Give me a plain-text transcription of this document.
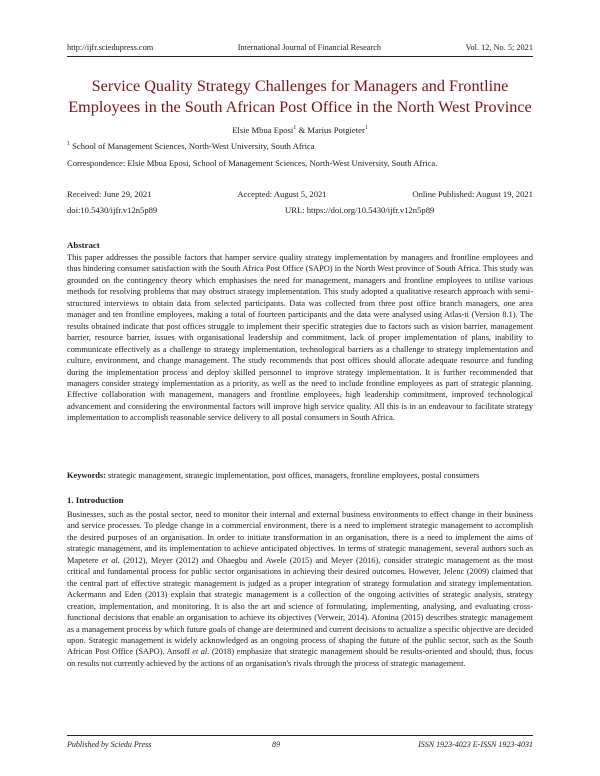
http://ijfr.sciedupress.com	International Journal of Financial Research	Vol. 12, No. 5; 2021
Service Quality Strategy Challenges for Managers and Frontline Employees in the South African Post Office in the North West Province
Elsie Mbua Eposi$^1$ & Marius Potgieter$^1$
$^1$ School of Management Sciences, North-West University, South Africa
Correspondence: Elsie Mbua Eposi, School of Management Sciences, North-West University, South Africa.
Received: June 29, 2021	Accepted: August 5, 2021	Online Published: August 19, 2021
doi:10.5430/ijfr.v12n5p89	URL: https://doi.org/10.5430/ijfr.v12n5p89
Abstract
This paper addresses the possible factors that hamper service quality strategy implementation by managers and frontline employees and thus hindering consumer satisfaction with the South Africa Post Office (SAPO) in the North West province of South Africa. This study was grounded on the contingency theory which emphasises the need for management, managers and frontline employees to utilise various methods for resolving problems that may obstruct strategy implementation. This study adopted a qualitative research approach with semi-structured interviews to obtain data from selected participants. Data was collected from three post office branch managers, one area manager and ten frontline employees, making a total of fourteen participants and the data were analysed using Atlas-ti (Version 8.1). The results obtained indicate that post offices struggle to implement their specific strategies due to factors such as vision barrier, management barrier, resource barrier, issues with organisational leadership and commitment, lack of proper implementation of plans, inability to communicate effectively as a challenge to strategy implementation, technological barriers as a challenge to strategy implementation and culture, environment, and change management. The study recommends that post offices should allocate adequate resource and funding during the implementation process and deploy skilled personnel to improve strategy implementation. It is further recommended that managers consider strategy implementation as a priority, as well as the need to include frontline employees as part of strategic planning. Effective collaboration with management, managers and frontline employees, high leadership commitment, improved technological advancement and considering the environmental factors will improve high service quality. All this is in an endeavour to facilitate strategy implementation to accomplish reasonable service delivery to all postal consumers in South Africa.
Keywords: strategic management, strategic implementation, post offices, managers, frontline employees, postal consumers
1. Introduction
Businesses, such as the postal sector, need to monitor their internal and external business environments to effect change in their business and service processes. To pledge change in a commercial environment, there is a need to implement strategic management to accomplish the desired purposes of an organisation. In order to initiate transformation in an organisation, there is a need to implement the aims of strategic management, and its implementation to achieve anticipated objectives. In terms of strategic management, several authors such as Mapetere et al. (2012), Meyer (2012) and Ohaegbu and Awele (2015) and Meyer (2016), consider strategic management as the most critical and fundamental process for public sector organisations in achieving their desired outcomes. However, Jelenc (2009) claimed that the central part of effective strategic management is judged as a proper integration of strategy formulation and strategy implementation. Ackermann and Eden (2013) explain that strategic management is a collection of the ongoing activities of strategic analysis, strategy creation, implementation, and monitoring. It is also the art and science of formulating, implementing, analysing, and evaluating cross-functional decisions that enable an organisation to achieve its objectives (Verweir, 2014). Afonina (2015) describes strategic management as a management process by which future goals of change are determined and current decisions to actualize a specific objective are decided upon. Strategic management is widely acknowledged as an ongoing process of shaping the future of the public sector, such as the South African Post Office (SAPO). Ansoff et al. (2018) emphasize that strategic management should be results-oriented and should, thus, focus on results not currently achieved by the actions of an organisation's rivals through the process of strategic management.
Published by Sciedu Press	89	ISSN 1923-4023 E-ISSN 1923-4031
